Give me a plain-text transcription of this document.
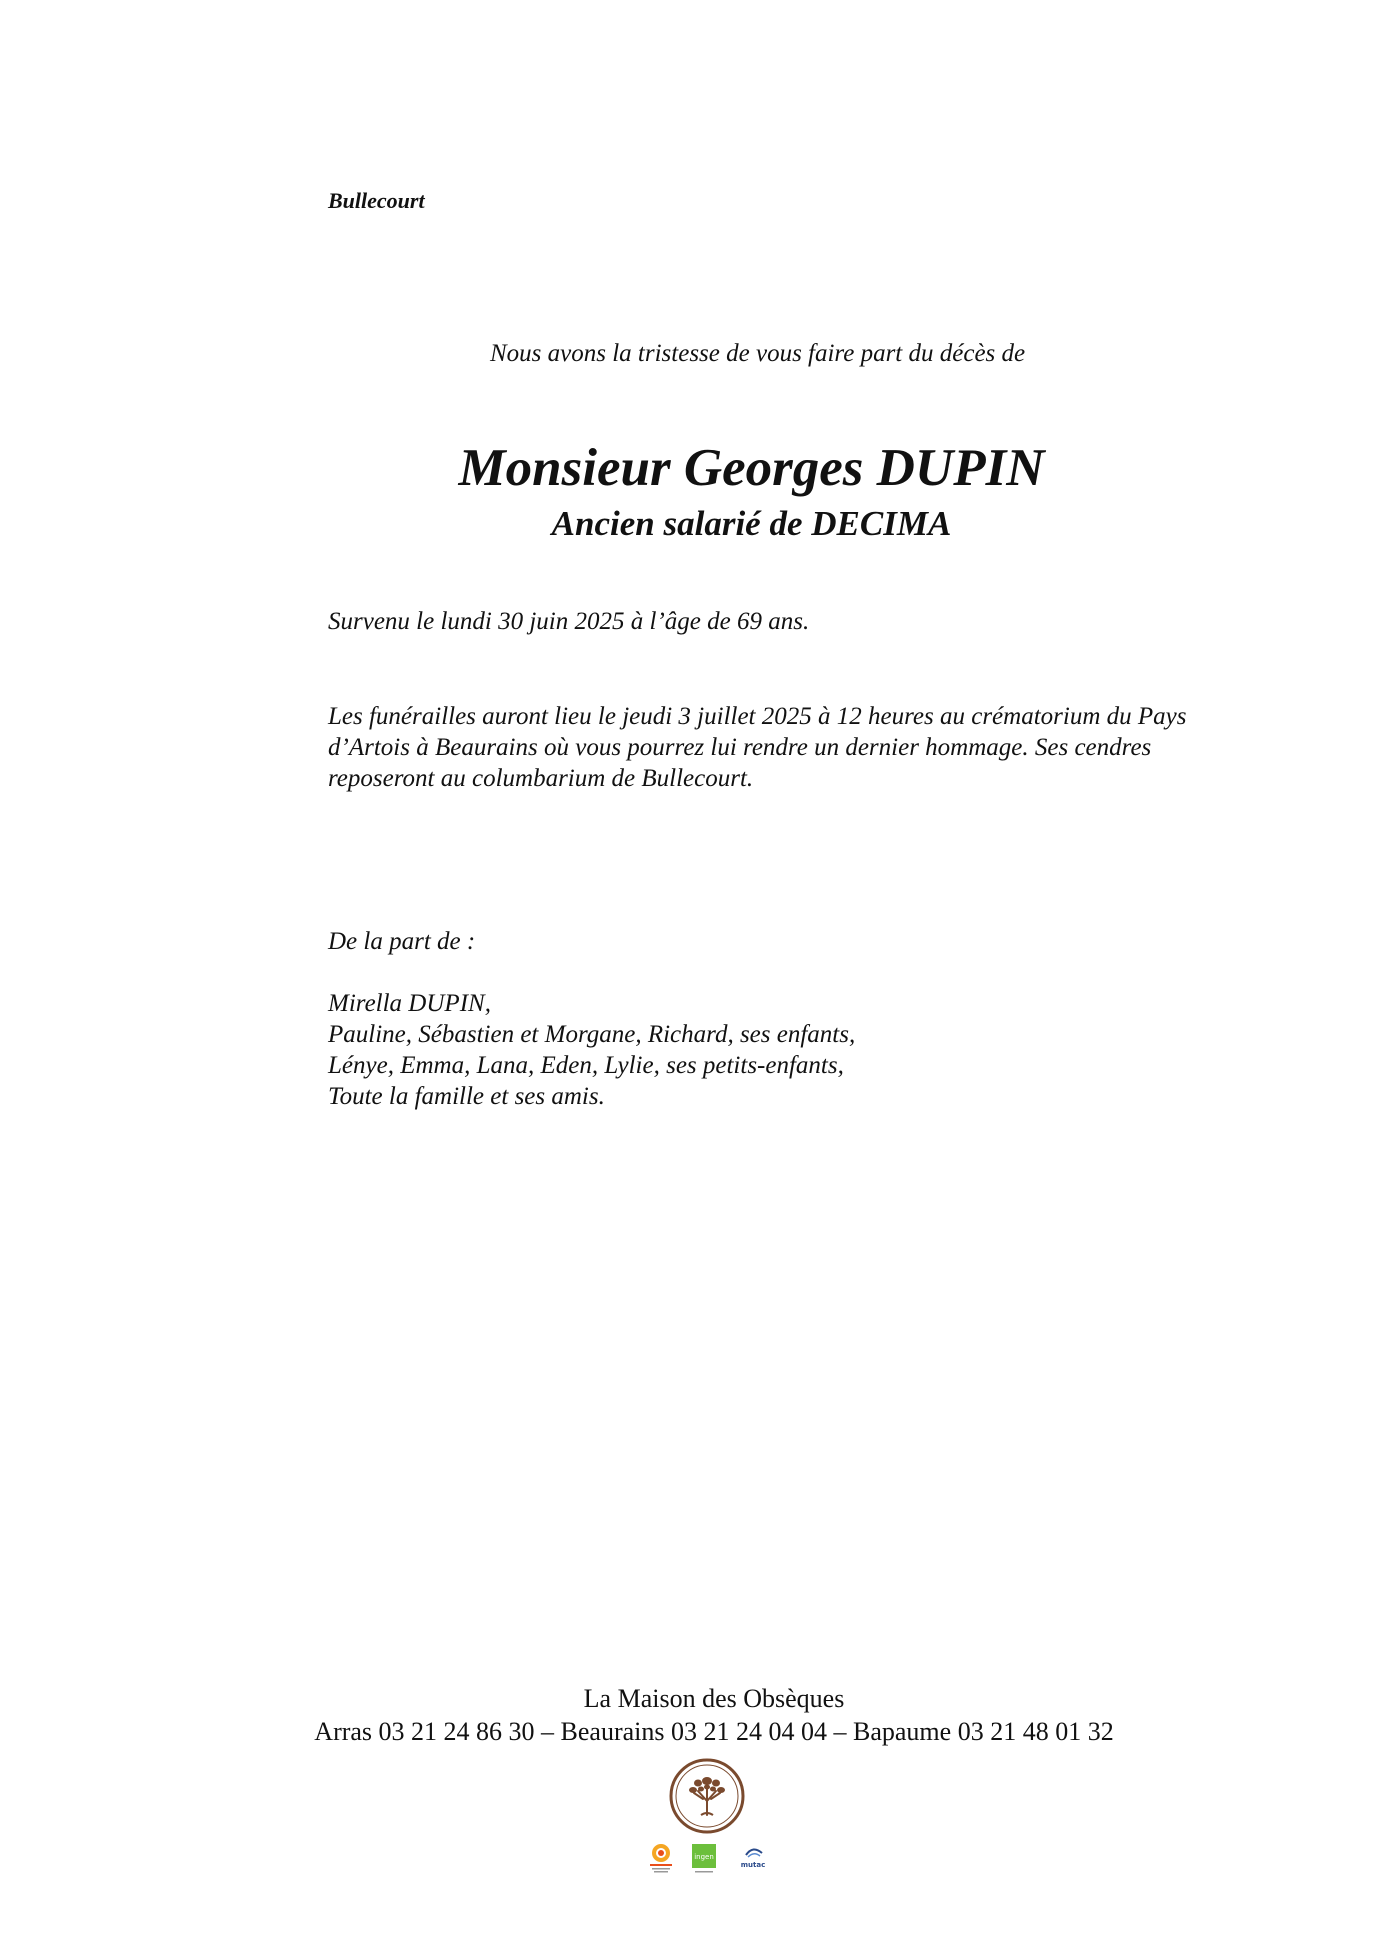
Bullecourt
Nous avons la tristesse de vous faire part du décès de
Monsieur Georges DUPIN
Ancien salarié de DECIMA
Survenu le lundi 30 juin 2025 à l’âge de 69 ans.
Les funérailles auront lieu le jeudi 3 juillet 2025 à 12 heures au crématorium du Pays d’Artois à Beaurains où vous pourrez lui rendre un dernier hommage. Ses cendres reposeront au columbarium de Bullecourt.
De la part de :
Mirella DUPIN,
Pauline, Sébastien et Morgane, Richard, ses enfants,
Lénye, Emma, Lana, Eden, Lylie, ses petits-enfants,
Toute la famille et ses amis.
La Maison des Obsèques
Arras 03 21 24 86 30 – Beaurains 03 21 24 04 04 – Bapaume 03 21 48 01 32
ingen
mutac
